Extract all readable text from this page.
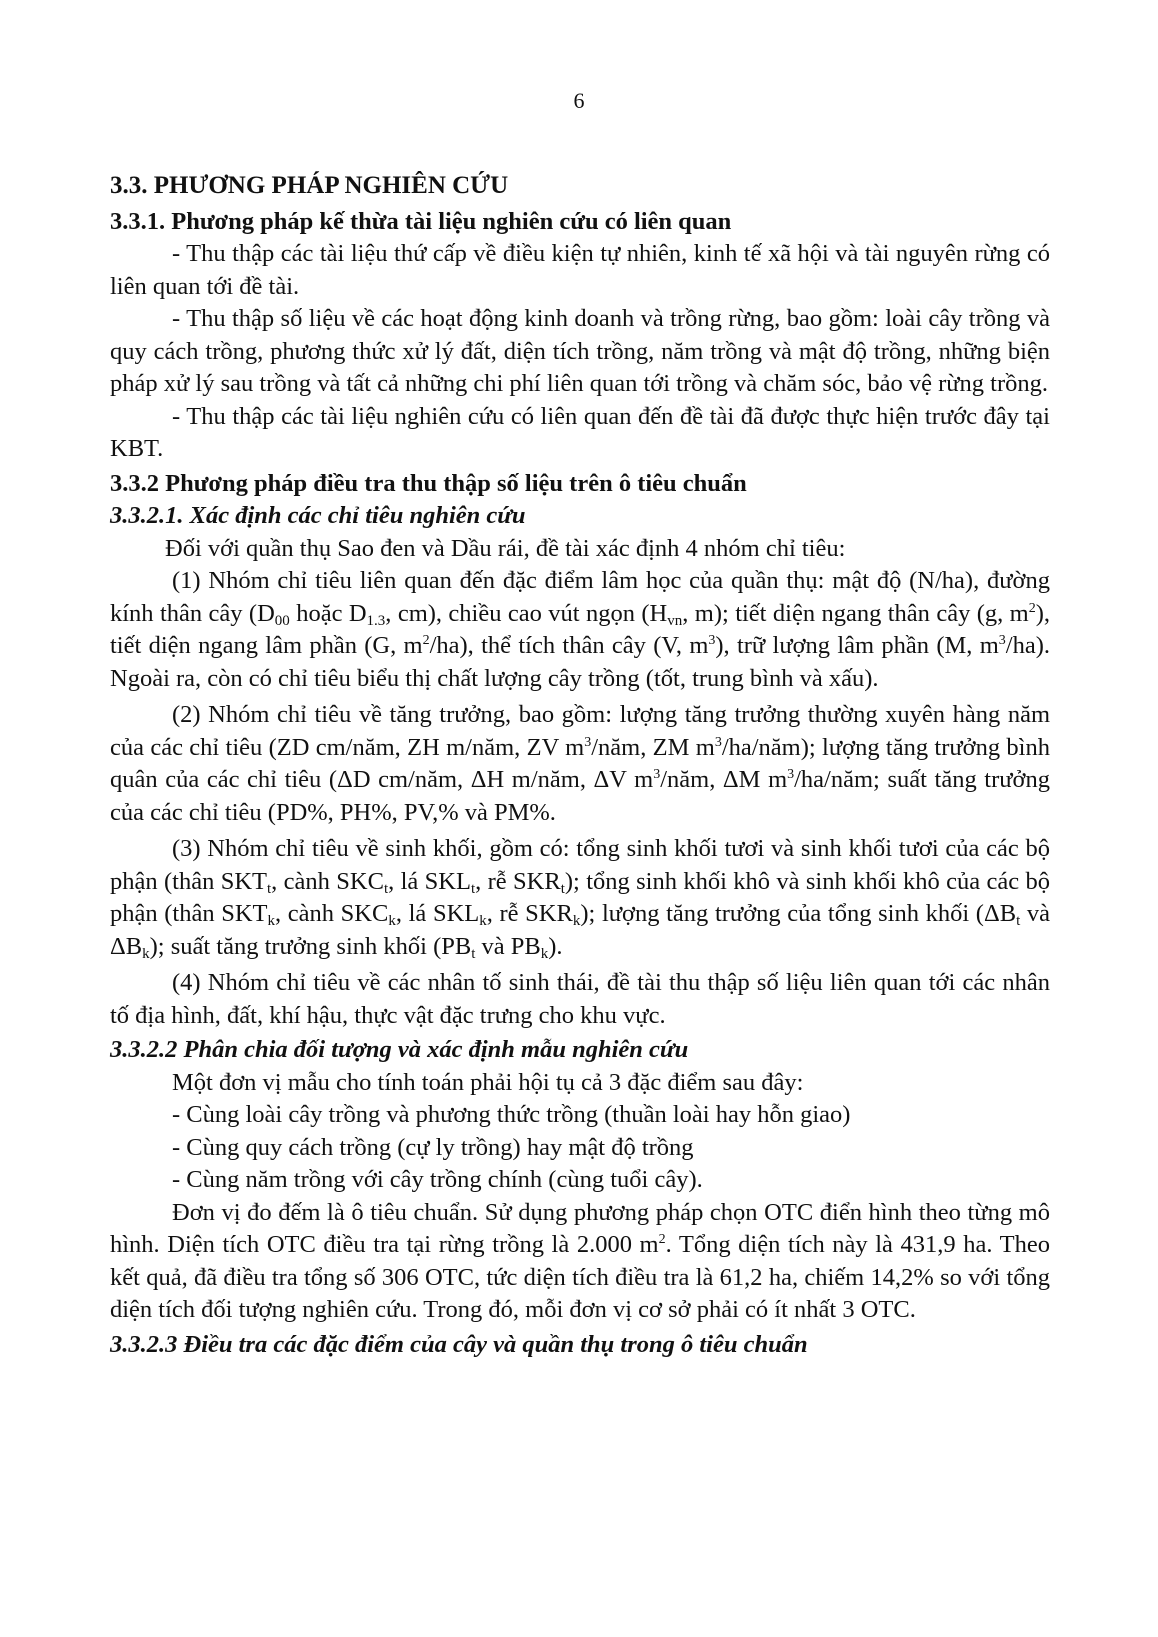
6
3.3. PHƯƠNG PHÁP NGHIÊN CỨU
3.3.1. Phương pháp kế thừa tài liệu nghiên cứu có liên quan
- Thu thập các tài liệu thứ cấp về điều kiện tự nhiên, kinh tế xã hội và tài nguyên rừng có liên quan tới đề tài.
- Thu thập số liệu về các hoạt động kinh doanh và trồng rừng, bao gồm: loài cây trồng và quy cách trồng, phương thức xử lý đất, diện tích trồng, năm trồng và mật độ trồng, những biện pháp xử lý sau trồng và tất cả những chi phí liên quan tới trồng và chăm sóc, bảo vệ rừng trồng.
- Thu thập các tài liệu nghiên cứu có liên quan đến đề tài đã được thực hiện trước đây tại KBT.
3.3.2 Phương pháp điều tra thu thập số liệu trên ô tiêu chuẩn
3.3.2.1. Xác định các chỉ tiêu nghiên cứu
Đối với quần thụ Sao đen và Dầu rái, đề tài xác định 4 nhóm chỉ tiêu:
(1) Nhóm chỉ tiêu liên quan đến đặc điểm lâm học của quần thụ: mật độ (N/ha), đường kính thân cây ($D_{00}$ hoặc $D_{1.3}$, cm), chiều cao vút ngọn ($H_{vn}$, m); tiết diện ngang thân cây (g, $m^2$), tiết diện ngang lâm phần (G, $m^2/ha$), thể tích thân cây (V, $m^3$), trữ lượng lâm phần (M, $m^3/ha$). Ngoài ra, còn có chỉ tiêu biểu thị chất lượng cây trồng (tốt, trung bình và xấu).
(2) Nhóm chỉ tiêu về tăng trưởng, bao gồm: lượng tăng trưởng thường xuyên hàng năm của các chỉ tiêu (ZD cm/năm, ZH m/năm, ZV $m^3$/năm, ZM $m^3/ha/năm$); lượng tăng trưởng bình quân của các chỉ tiêu (ΔD cm/năm, ΔH m/năm, ΔV $m^3$/năm, ΔM $m^3/ha$/năm; suất tăng trưởng của các chỉ tiêu (PD%, PH%, PV,% và PM%.
(3) Nhóm chỉ tiêu về sinh khối, gồm có: tổng sinh khối tươi và sinh khối tươi của các bộ phận (thân $SKT_t$, cành $SKC_t$, lá $SKL_t$, rễ $SKR_t$); tổng sinh khối khô và sinh khối khô của các bộ phận (thân $SKT_k$, cành $SKC_k$, lá $SKL_k$, rễ $SKR_k$); lượng tăng trưởng của tổng sinh khối ($\Delta B_t$ và $\Delta B_k$); suất tăng trưởng sinh khối ($PB_t$ và $PB_k$).
(4) Nhóm chỉ tiêu về các nhân tố sinh thái, đề tài thu thập số liệu liên quan tới các nhân tố địa hình, đất, khí hậu, thực vật đặc trưng cho khu vực.
3.3.2.2 Phân chia đối tượng và xác định mẫu nghiên cứu
Một đơn vị mẫu cho tính toán phải hội tụ cả 3 đặc điểm sau đây:
- Cùng loài cây trồng và phương thức trồng (thuần loài hay hỗn giao)
- Cùng quy cách trồng (cự ly trồng) hay mật độ trồng
- Cùng năm trồng với cây trồng chính (cùng tuổi cây).
Đơn vị đo đếm là ô tiêu chuẩn. Sử dụng phương pháp chọn OTC điển hình theo từng mô hình. Diện tích OTC điều tra tại rừng trồng là 2.000 $m^2$. Tổng diện tích này là 431,9 ha. Theo kết quả, đã điều tra tổng số 306 OTC, tức diện tích điều tra là 61,2 ha, chiếm 14,2% so với tổng diện tích đối tượng nghiên cứu. Trong đó, mỗi đơn vị cơ sở phải có ít nhất 3 OTC.
3.3.2.3 Điều tra các đặc điểm của cây và quần thụ trong ô tiêu chuẩn
